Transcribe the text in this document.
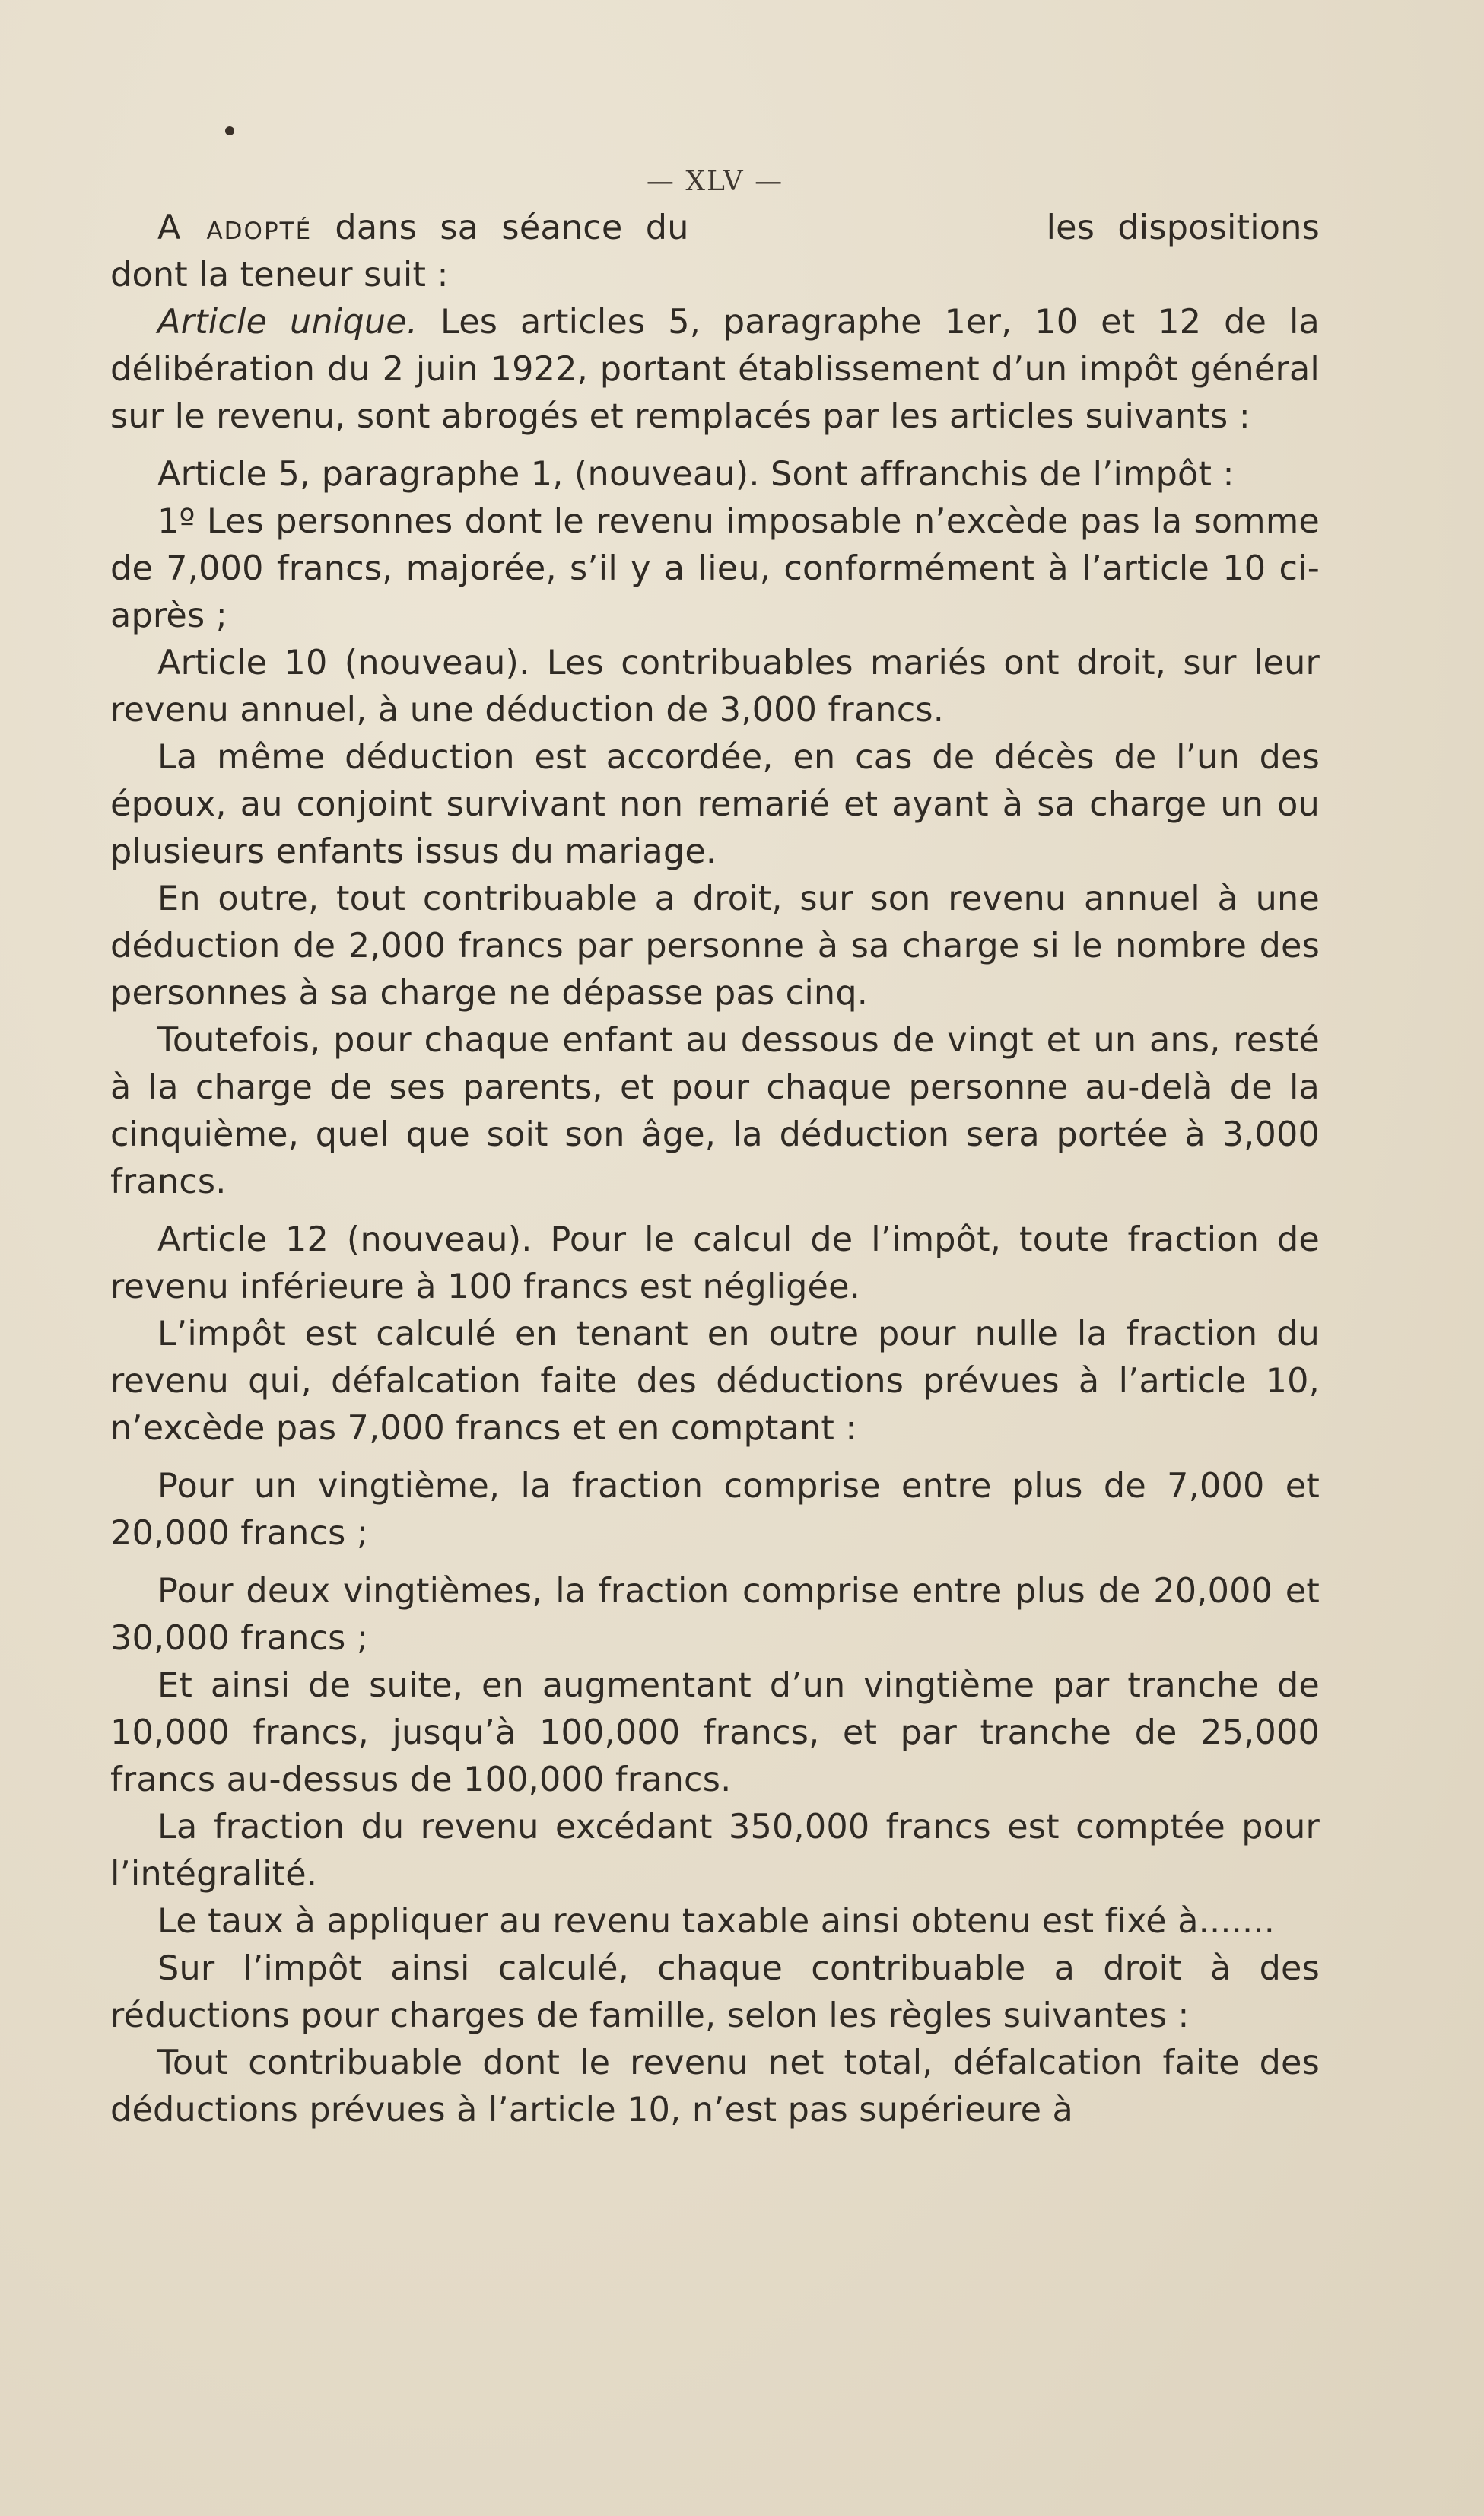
— XLV —

A adopté dans sa séance du	les dispositions dont la teneur suit :

Article unique. Les articles 5, paragraphe 1er, 10 et 12 de la délibération du 2 juin 1922, portant établissement d’un impôt général sur le revenu, sont abrogés et remplacés par les articles suivants :

Article 5, paragraphe 1, (nouveau). Sont affranchis de l’impôt :

1º Les personnes dont le revenu imposable n’excède pas la somme de 7,000 francs, majorée, s’il y a lieu, conformément à l’article 10 ci-après ;

Article 10 (nouveau). Les contribuables mariés ont droit, sur leur revenu annuel, à une déduction de 3,000 francs.

La même déduction est accordée, en cas de décès de l’un des époux, au conjoint survivant non remarié et ayant à sa charge un ou plusieurs enfants issus du mariage.

En outre, tout contribuable a droit, sur son revenu annuel à une déduction de 2,000 francs par personne à sa charge si le nombre des personnes à sa charge ne dépasse pas cinq.

Toutefois, pour chaque enfant au dessous de vingt et un ans, resté à la charge de ses parents, et pour chaque personne au-delà de la cinquième, quel que soit son âge, la déduction sera portée à 3,000 francs.

Article 12 (nouveau). Pour le calcul de l’impôt, toute fraction de revenu inférieure à 100 francs est négligée.

L’impôt est calculé en tenant en outre pour nulle la fraction du revenu qui, défalcation faite des déductions prévues à l’article 10, n’excède pas 7,000 francs et en comptant :

Pour un vingtième, la fraction comprise entre plus de 7,000 et 20,000 francs ;

Pour deux vingtièmes, la fraction comprise entre plus de 20,000 et 30,000 francs ;

Et ainsi de suite, en augmentant d’un vingtième par tranche de 10,000 francs, jusqu’à 100,000 francs, et par tranche de 25,000 francs au-dessus de 100,000 francs.

La fraction du revenu excédant 350,000 francs est comptée pour l’intégralité.

Le taux à appliquer au revenu taxable ainsi obtenu est fixé à.......

Sur l’impôt ainsi calculé, chaque contribuable a droit à des réductions pour charges de famille, selon les règles suivantes :

Tout contribuable dont le revenu net total, défalcation faite des déductions prévues à l’article 10, n’est pas supérieure à
